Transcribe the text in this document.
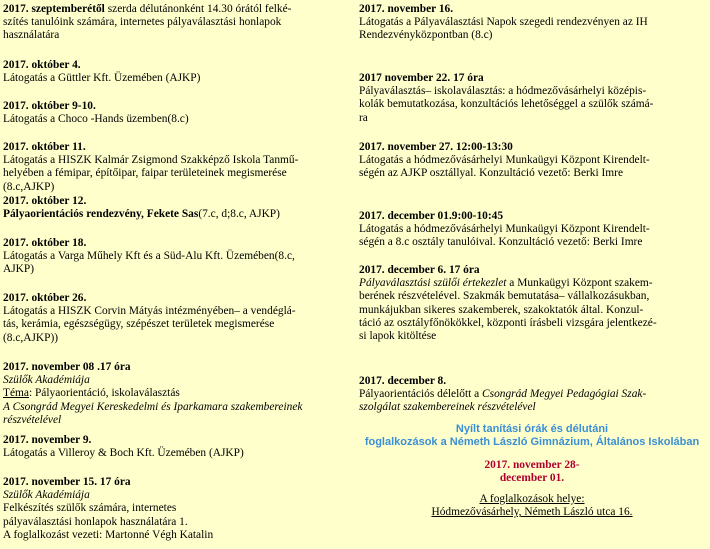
2017. szeptemberétől szerda délutánonként 14.30 órától felké-

szítés tanulóink számára, internetes pályaválasztási honlapok

használatára

2017. október 4.

Látogatás a Güttler Kft. Üzemében (AJKP)

2017. október 9-10.

Látogatás a Choco -Hands üzemben(8.c)

2017. október 11.

Látogatás a HISZK Kalmár Zsigmond Szakképző Iskola Tanmű-

helyében a fémipar, építőipar, faipar területeinek megismerése

(8.c,AJKP)

2017. október 12.

Pályaorientációs rendezvény, Fekete Sas(7.c, d;8.c, AJKP)

2017. október 18.

Látogatás a Varga Műhely Kft és a Süd-Alu Kft. Üzemében(8.c,

AJKP)

2017. október 26.

Látogatás a HISZK Corvin Mátyás intézményében– a vendéglá-

tás, kerámia, egészségügy, szépészet területek megismerése

(8.c,AJKP))

2017. november 08 .17 óra

Szülők Akadémiája

Téma: Pályaorientáció, iskolaválasztás

A Csongrád Megyei Kereskedelmi és Iparkamara szakembereinek

részvételével

2017. november 9.

Látogatás a Villeroy & Boch Kft. Üzemében (AJKP)

2017. november 15. 17 óra

Szülők Akadémiája

Felkészítés szülők számára, internetes

pályaválasztási honlapok használatára 1.

A foglalkozást vezeti: Martonné Végh Katalin

2017. november 16.

Látogatás a Pályaválasztási Napok szegedi rendezvényen az IH

Rendezvényközpontban (8.c)

2017 november 22. 17 óra

Pályaválasztás– iskolaválasztás: a hódmezővásárhelyi középis-

kolák bemutatkozása, konzultációs lehetőséggel a szülők számá-

ra

2017. november 27. 12:00-13:30

Látogatás a hódmezővásárhelyi Munkaügyi Központ Kirendelt-

ségén az AJKP osztállyal. Konzultáció vezető: Berki Imre

2017. december 01.9:00-10:45

Látogatás a hódmezővásárhelyi Munkaügyi Központ Kirendelt-

ségén a 8.c osztály tanulóival. Konzultáció vezető: Berki Imre

2017. december 6. 17 óra

Pályaválasztási szülői értekezlet a Munkaügyi Központ szakem-

berének részvételével. Szakmák bemutatása– vállalkozásukban,

munkájukban sikeres szakemberek, szakoktatók által. Konzul-

táció az osztályfőnökökkel, központi írásbeli vizsgára jelentkezé-

si lapok kitöltése

2017. december 8.

Pályaorientációs délelőtt a Csongrád Megyei Pedagógiai Szak-

szolgálat szakembereinek részvételével

Nyílt tanítási órák és délutáni

foglalkozások a Németh László Gimnázium, Általános Iskolában

2017. november 28-

december 01.

A foglalkozások helye:

Hódmezővásárhely, Németh László utca 16.
